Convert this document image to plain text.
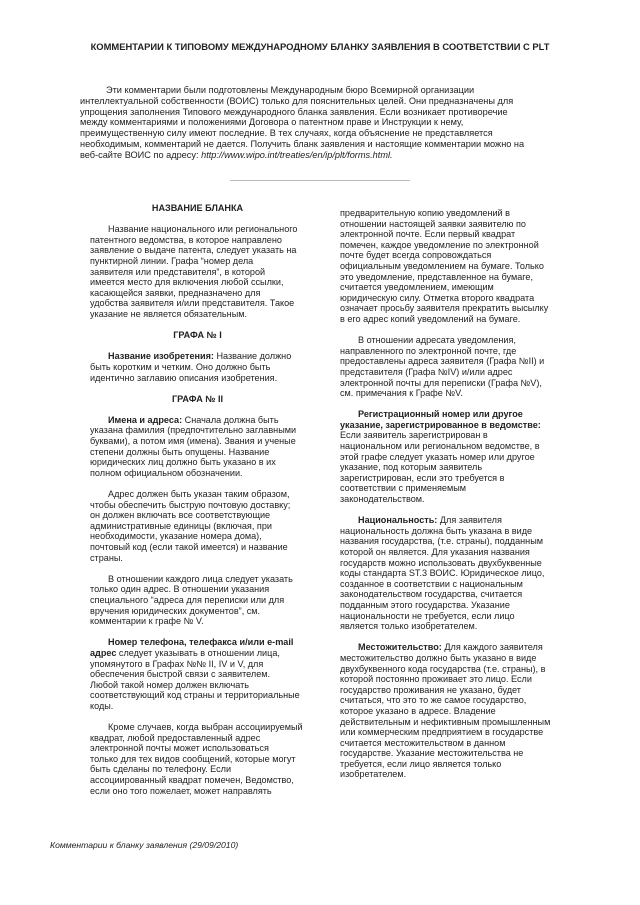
КОММЕНТАРИИ К ТИПОВОМУ МЕЖДУНАРОДНОМУ БЛАНКУ ЗАЯВЛЕНИЯ В СООТВЕТСТВИИ С PLT
Эти комментарии были подготовлены Международным бюро Всемирной организации
интеллектуальной собственности (ВОИС) только для пояснительных целей. Они предназначены для
упрощения заполнения Типового международного бланка заявления. Если возникает противоречие
между комментариями и положениями Договора о патентном праве и Инструкции к нему,
преимущественную силу имеют последние. В тех случаях, когда объяснение не представляется
необходимым, комментарий не дается. Получить бланк заявления и настоящие комментарии можно на
веб-сайте ВОИС по адресу: http://www.wipo.int/treaties/en/ip/plt/forms.html.
НАЗВАНИЕ БЛАНКА
Название национального или регионального
патентного ведомства, в которое направлено
заявление о выдаче патента, следует указать на
пунктирной линии. Графа “номер дела
заявителя или представителя”, в которой
имеется место для включения любой ссылки,
касающейся заявки, предназначено для
удобства заявителя и/или представителя. Такое
указание не является обязательным.
ГРАФА № I
Название изобретения: Название должно
быть коротким и четким. Оно должно быть
идентично заглавию описания изобретения.
ГРАФА № II
Имена и адреса: Сначала должна быть
указана фамилия (предпочтительно заглавными
буквами), а потом имя (имена). Звания и ученые
степени должны быть опущены. Название
юридических лиц должно быть указано в их
полном официальном обозначении.
Адрес должен быть указан таким образом,
чтобы обеспечить быструю почтовую доставку;
он должен включать все соответствующие
административные единицы (включая, при
необходимости, указание номера дома),
почтовый код (если такой имеется) и название
страны.
В отношении каждого лица следует указать
только один адрес. В отношении указания
специального “адреса для переписки или для
вручения юридических документов”, см.
комментарии к графе № V.
Номер телефона, телефакса и/или e-mail
адрес следует указывать в отношении лица,
упомянутого в Графах №№ II, IV и V, для
обеспечения быстрой связи с заявителем.
Любой такой номер должен включать
соответствующий код страны и территориальные
коды.
Кроме случаев, когда выбран ассоциируемый
квадрат, любой предоставленный адрес
электронной почты может использоваться
только для тех видов сообщений, которые могут
быть сделаны по телефону. Если
ассоциированный квадрат помечен, Ведомство,
если оно того пожелает, может направлять
предварительную копию уведомлений в
отношении настоящей заявки заявителю по
электронной почте. Если первый квадрат
помечен, каждое уведомление по электронной
почте будет всегда сопровождаться
официальным уведомлением на бумаге. Только
это уведомление, представленное на бумаге,
считается уведомлением, имеющим
юридическую силу. Отметка второго квадрата
означает просьбу заявителя прекратить высылку
в его адрес копий уведомлений на бумаге.
В отношении адресата уведомления,
направленного по электронной почте, где
предоставлены адреса заявителя (Графа №II) и
представителя (Графа №IV) и/или адрес
электронной почты для переписки (Графа №V),
см. примечания к Графе №V.
Регистрационный номер или другое
указание, зарегистрированное в ведомстве:
Если заявитель зарегистрирован в
национальном или региональном ведомстве, в
этой графе следует указать номер или другое
указание, под которым заявитель
зарегистрирован, если это требуется в
соответствии с применяемым
законодательством.
Национальность: Для заявителя
национальность должна быть указана в виде
названия государства, (т.е. страны), подданным
которой он является. Для указания названия
государств можно использовать двухбуквенные
коды стандарта ST.3 ВОИС. Юридическое лицо,
созданное в соответствии с национальным
законодательством государства, считается
подданным этого государства. Указание
национальности не требуется, если лицо
является только изобретателем.
Местожительство: Для каждого заявителя
местожительство должно быть указано в виде
двухбуквенного кода государства (т.е. страны), в
которой постоянно проживает это лицо. Если
государство проживания не указано, будет
считаться, что это то же самое государство,
которое указано в адресе. Владение
действительным и нефиктивным промышленным
или коммерческим предприятием в государстве
считается местожительством в данном
государстве. Указание местожительства не
требуется, если лицо является только
изобретателем.
Комментарии к бланку заявления (29/09/2010)
